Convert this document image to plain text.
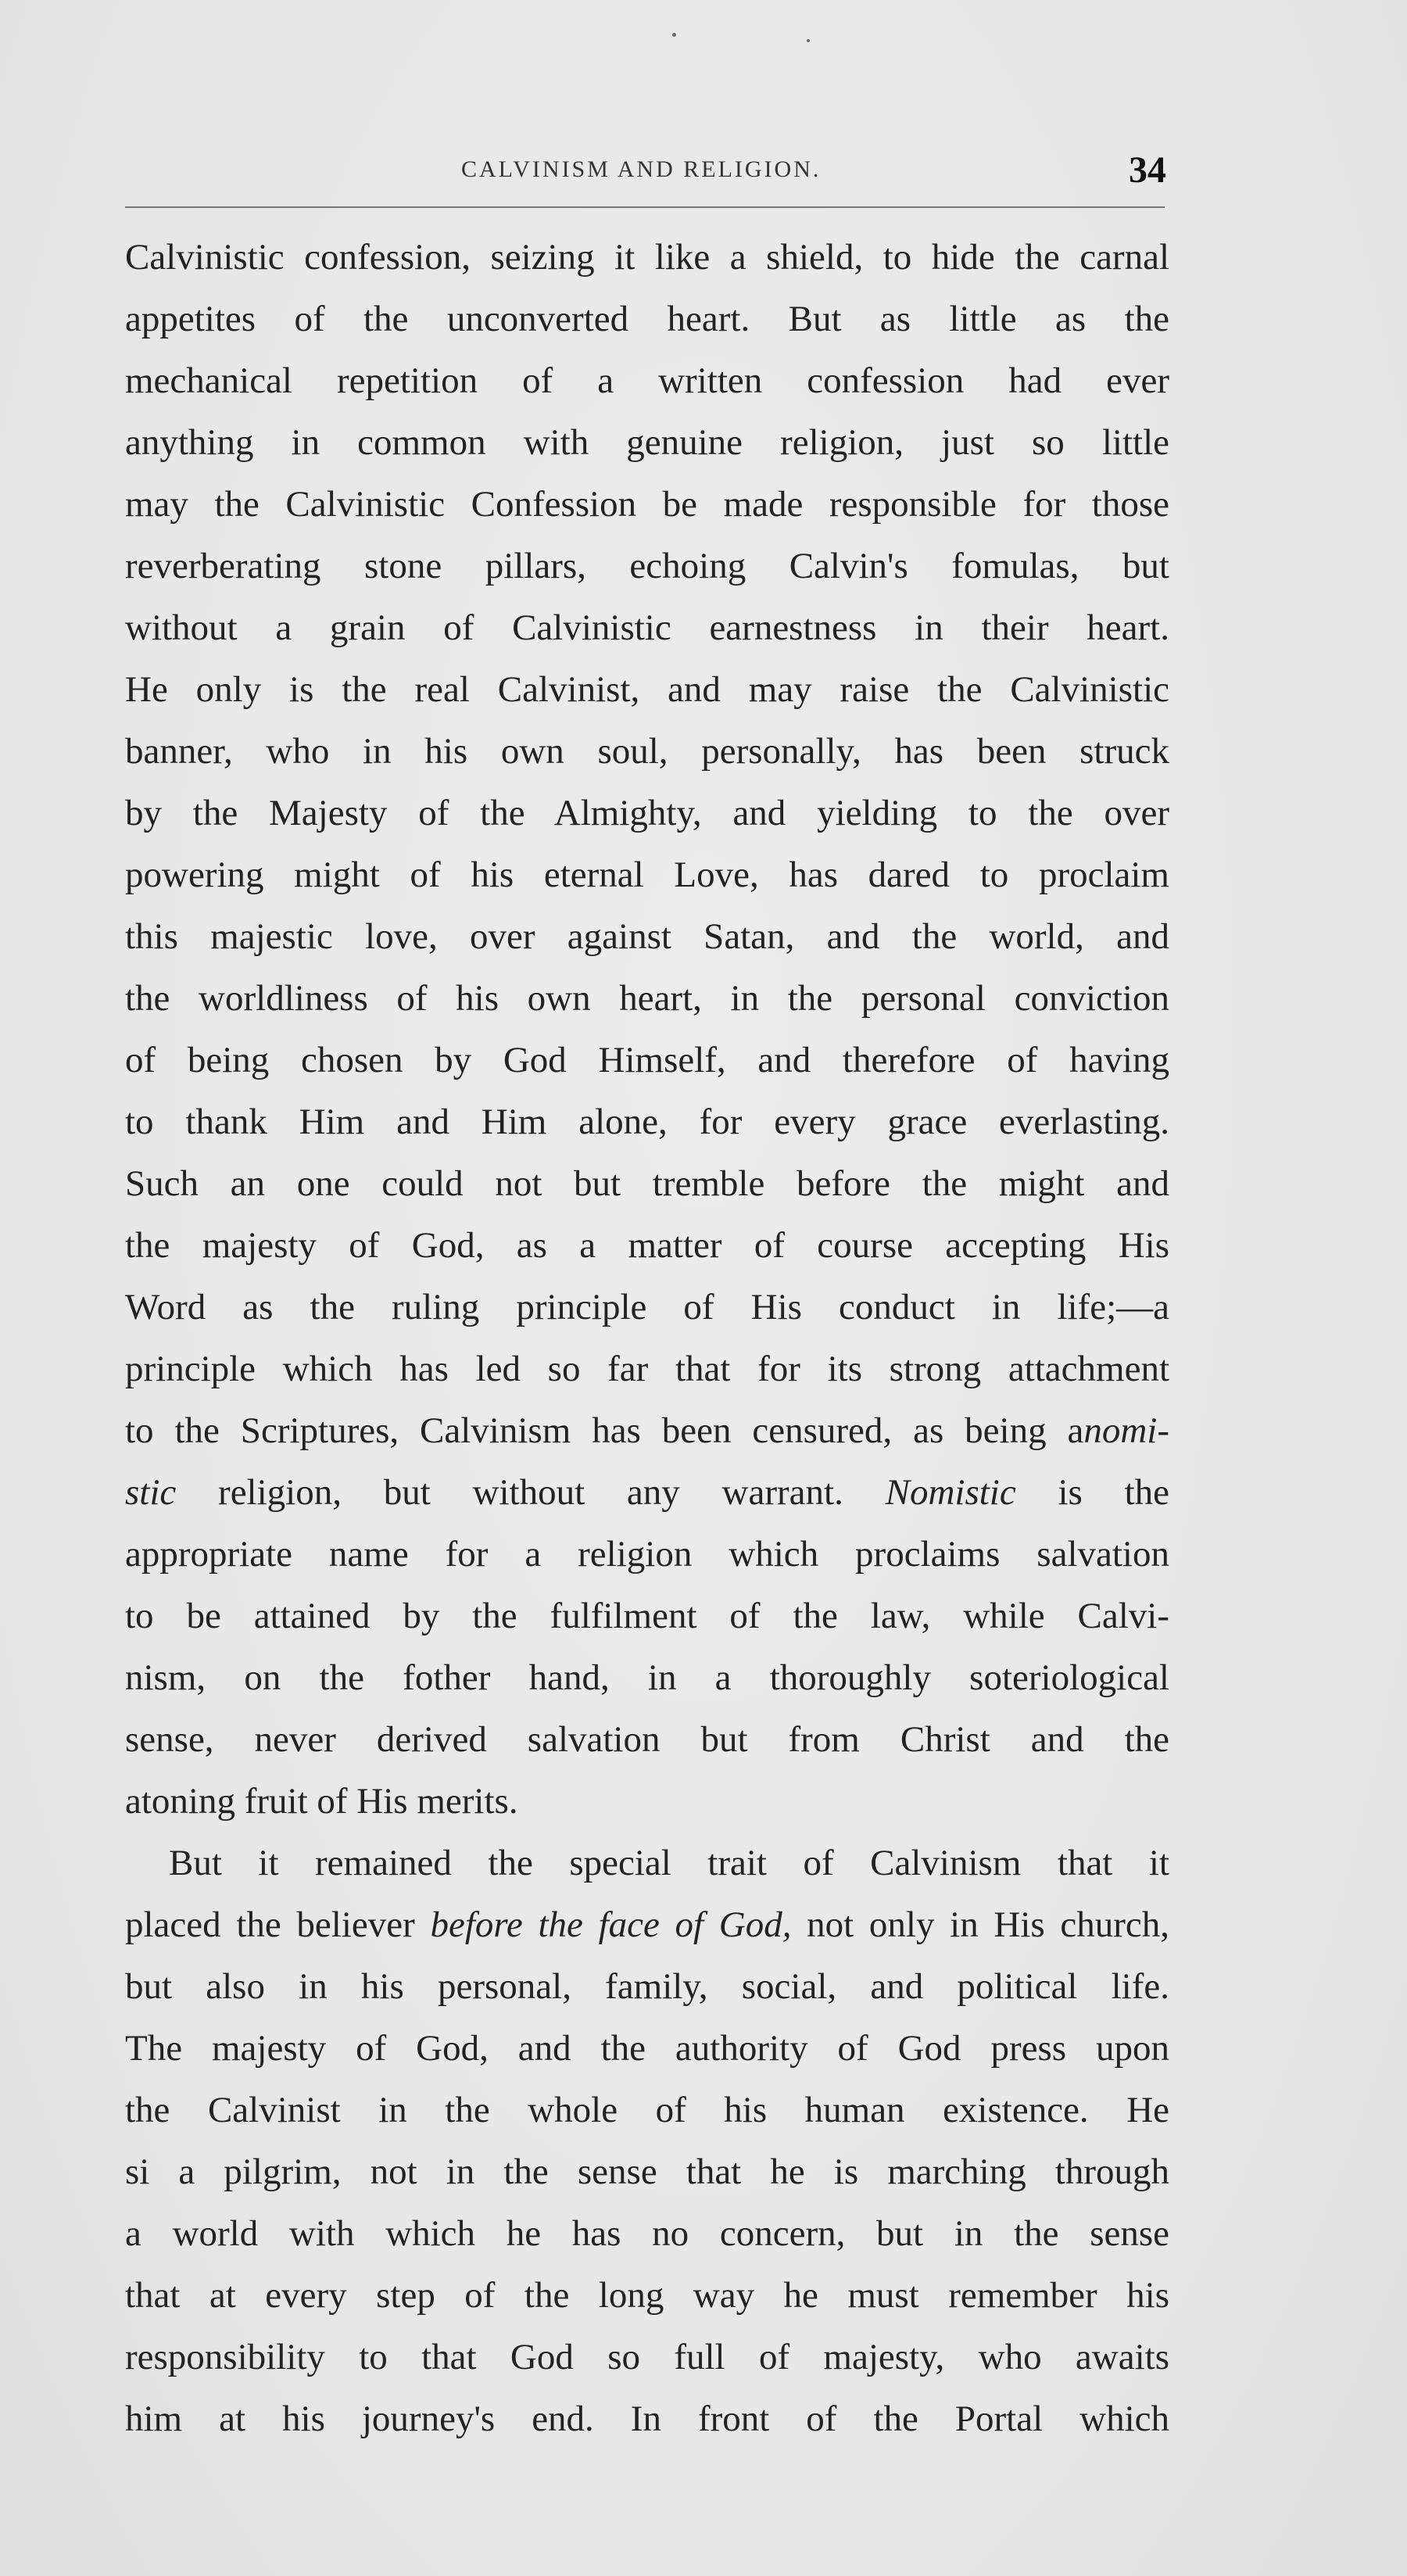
CALVINISM AND RELIGION.	34
Calvinistic confession, seizing it like a shield, to hide the carnal
appetites of the unconverted heart. But as little as the
mechanical repetition of a written confession had ever
anything in common with genuine religion, just so little
may the Calvinistic Confession be made responsible for those
reverberating stone pillars, echoing Calvin's fomulas, but
without a grain of Calvinistic earnestness in their heart.
He only is the real Calvinist, and may raise the Calvinistic
banner, who in his own soul, personally, has been struck
by the Majesty of the Almighty, and yielding to the over
powering might of his eternal Love, has dared to proclaim
this majestic love, over against Satan, and the world, and
the worldliness of his own heart, in the personal conviction
of being chosen by God Himself, and therefore of having
to thank Him and Him alone, for every grace everlasting.
Such an one could not but tremble before the might and
the majesty of God, as a matter of course accepting His
Word as the ruling principle of His conduct in life;—a
principle which has led so far that for its strong attachment
to the Scriptures, Calvinism has been censured, as being anomi-
stic religion, but without any warrant. Nomistic is the
appropriate name for a religion which proclaims salvation
to be attained by the fulfilment of the law, while Calvi-
nism, on the fother hand, in a thoroughly soteriological
sense, never derived salvation but from Christ and the
atoning fruit of His merits.
But it remained the special trait of Calvinism that it
placed the believer before the face of God, not only in His church,
but also in his personal, family, social, and political life.
The majesty of God, and the authority of God press upon
the Calvinist in the whole of his human existence. He
si a pilgrim, not in the sense that he is marching through
a world with which he has no concern, but in the sense
that at every step of the long way he must remember his
responsibility to that God so full of majesty, who awaits
him at his journey's end. In front of the Portal which
